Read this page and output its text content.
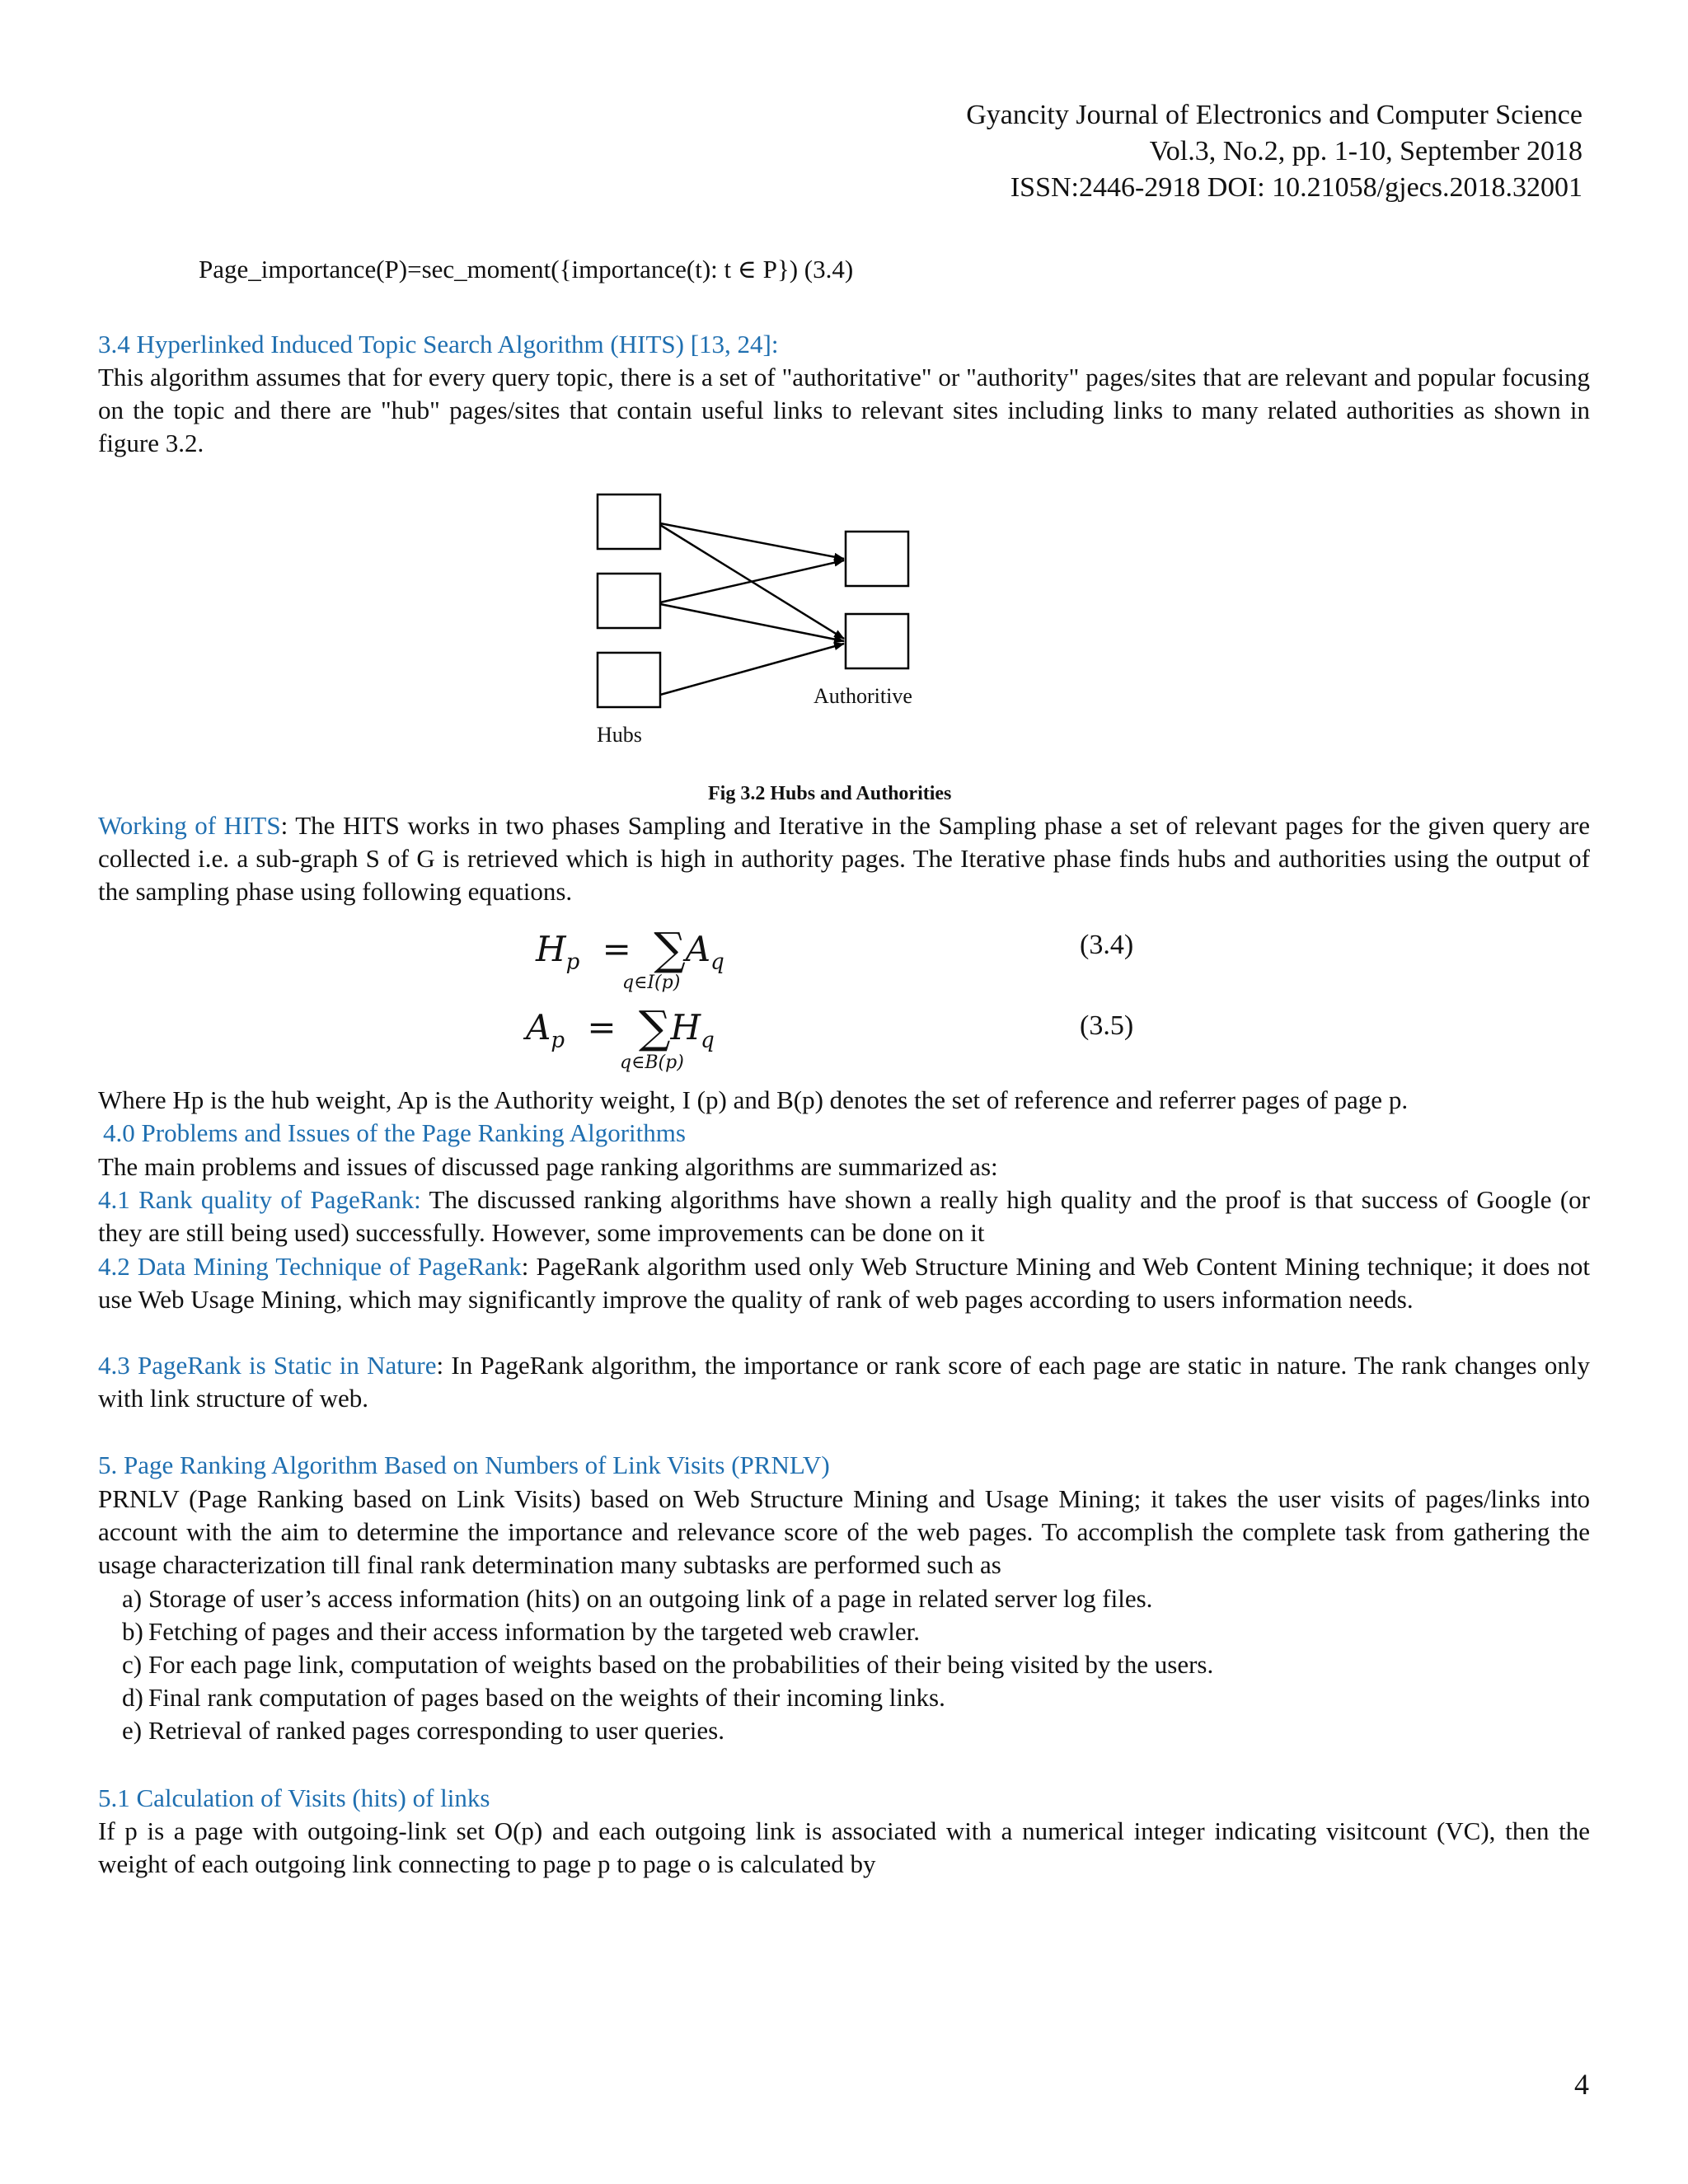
Gyancity Journal of Electronics and Computer Science
Vol.3, No.2, pp. 1-10, September 2018
ISSN:2446-2918 DOI: 10.21058/gjecs.2018.32001
Page_importance(P)=sec_moment({importance(t): t ∈ P}) (3.4)
3.4 Hyperlinked Induced Topic Search Algorithm (HITS) [13, 24]:
This algorithm assumes that for every query topic, there is a set of "authoritative" or "authority" pages/sites that are relevant and popular focusing on the topic and there are "hub" pages/sites that contain useful links to relevant sites including links to many related authorities as shown in figure 3.2.
Authoritive
Hubs
Fig 3.2 Hubs and Authorities
Working of HITS: The HITS works in two phases Sampling and Iterative in the Sampling phase a set of relevant pages for the given query are collected i.e. a sub-graph S of G is retrieved which is high in authority pages. The Iterative phase finds hubs and authorities using the output of the sampling phase using following equations.
$H_p = \sum A_q$
q∈I(p)
(3.4)
$A_p = \sum H_q$
q∈B(p)
(3.5)
Where Hp is the hub weight, Ap is the Authority weight, I (p) and B(p) denotes the set of reference and referrer pages of page p.
4.0 Problems and Issues of the Page Ranking Algorithms
The main problems and issues of discussed page ranking algorithms are summarized as:
4.1 Rank quality of PageRank: The discussed ranking algorithms have shown a really high quality and the proof is that success of Google (or they are still being used) successfully. However, some improvements can be done on it
4.2 Data Mining Technique of PageRank: PageRank algorithm used only Web Structure Mining and Web Content Mining technique; it does not use Web Usage Mining, which may significantly improve the quality of rank of web pages according to users information needs.
4.3 PageRank is Static in Nature: In PageRank algorithm, the importance or rank score of each page are static in nature. The rank changes only with link structure of web.
5. Page Ranking Algorithm Based on Numbers of Link Visits (PRNLV)
PRNLV (Page Ranking based on Link Visits) based on Web Structure Mining and Usage Mining; it takes the user visits of pages/links into account with the aim to determine the importance and relevance score of the web pages. To accomplish the complete task from gathering the usage characterization till final rank determination many subtasks are performed such as
a) Storage of user’s access information (hits) on an outgoing link of a page in related server log files.
b) Fetching of pages and their access information by the targeted web crawler.
c) For each page link, computation of weights based on the probabilities of their being visited by the users.
d) Final rank computation of pages based on the weights of their incoming links.
e) Retrieval of ranked pages corresponding to user queries.
5.1 Calculation of Visits (hits) of links
If p is a page with outgoing-link set O(p) and each outgoing link is associated with a numerical integer indicating visitcount (VC), then the weight of each outgoing link connecting to page p to page o is calculated by
4
